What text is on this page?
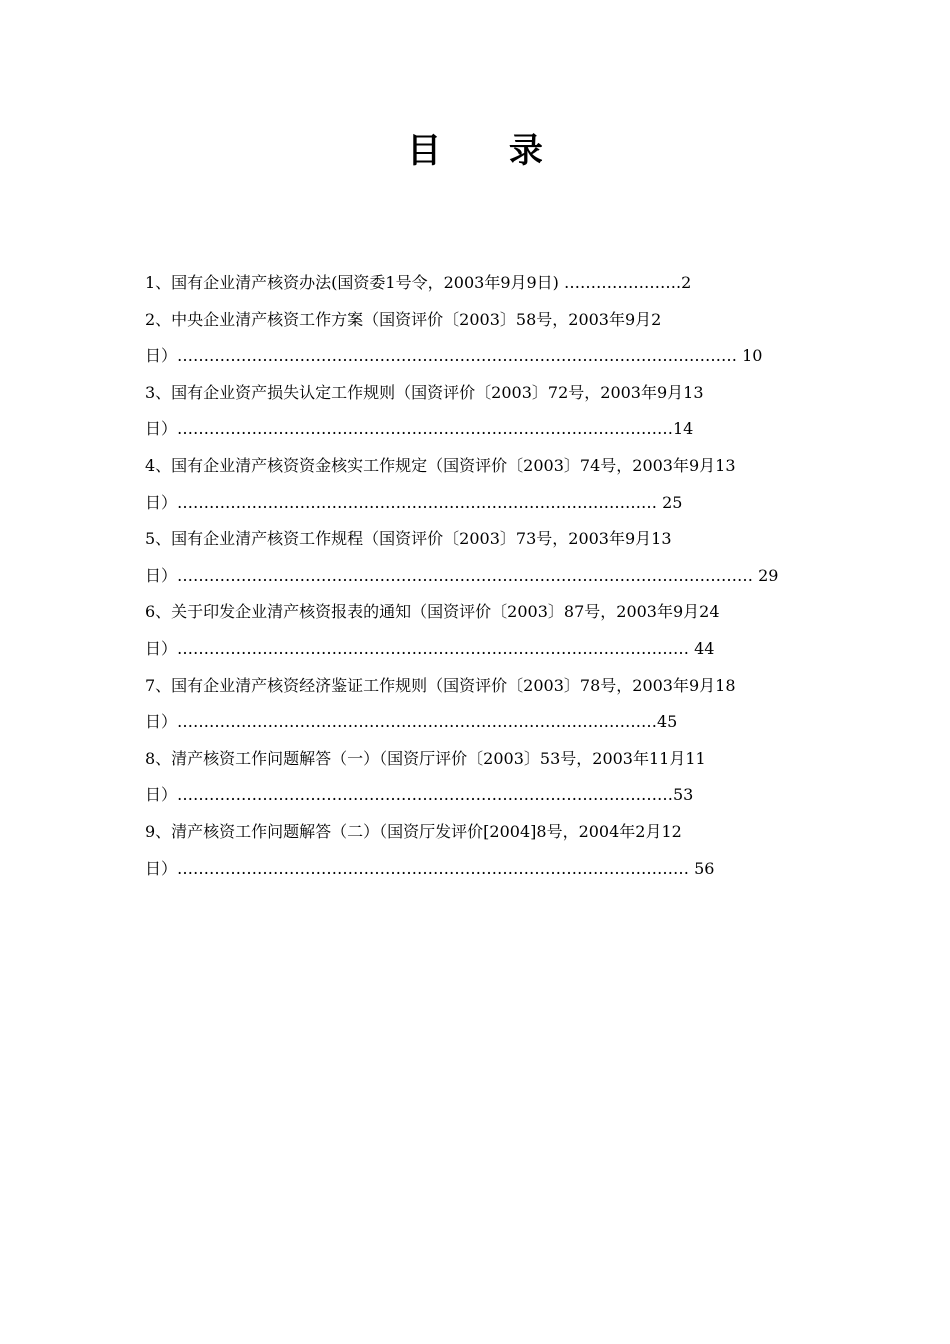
目 录

1、国有企业清产核资办法(国资委1号令，2003年9月9日) ………………….2

2、中央企业清产核资工作方案（国资评价〔2003〕58号，2003年9月2日）…………………………………………………………………………………………… 10

3、国有企业资产损失认定工作规则（国资评价〔2003〕72号，2003年9月13日）…………………………………………………………………………………14

4、国有企业清产核资资金核实工作规定（国资评价〔2003〕74号，2003年9月13日）……………………………………………………………………………… 25

5、国有企业清产核资工作规程（国资评价〔2003〕73号，2003年9月13日）……………………………………………………………………………………………… 29

6、关于印发企业清产核资报表的通知（国资评价〔2003〕87号，2003年9月24日）…………………………………………………………………………………… 44

7、国有企业清产核资经济鉴证工作规则（国资评价〔2003〕78号，2003年9月18日）………………………………………………………………………………45

8、清产核资工作问题解答（一）（国资厅评价〔2003〕53号，2003年11月11日）…………………………………………………………………………………53

9、清产核资工作问题解答（二）（国资厅发评价[2004]8号，2004年2月12日）…………………………………………………………………………………… 56
